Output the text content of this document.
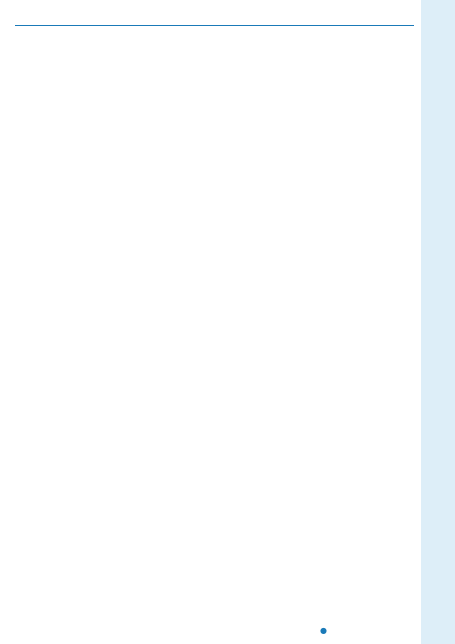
●
